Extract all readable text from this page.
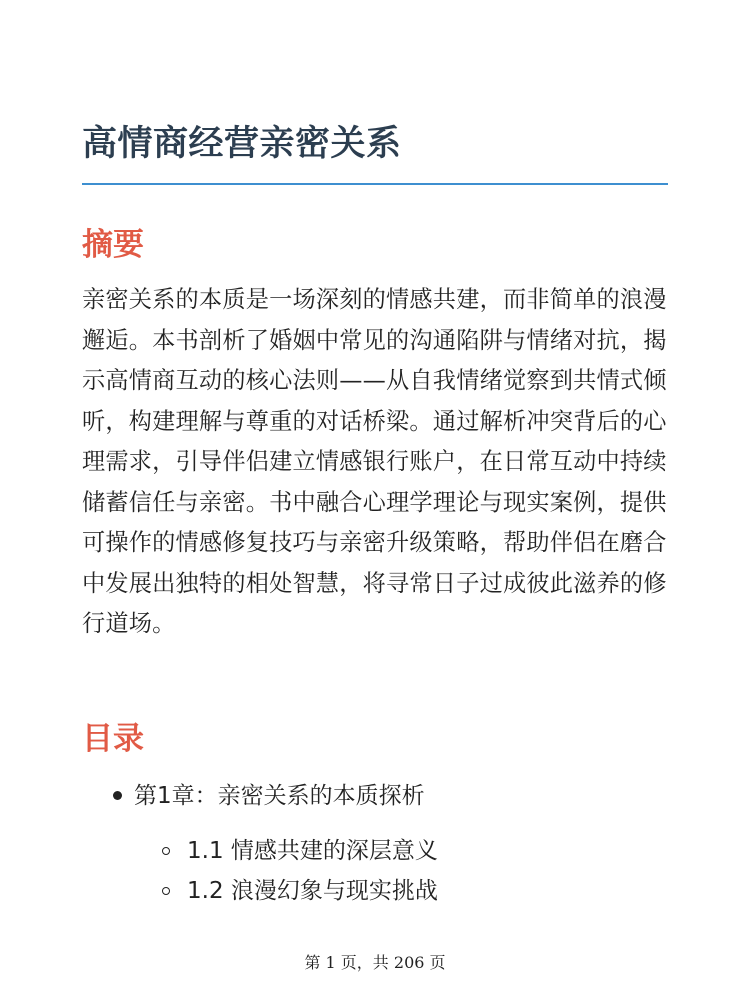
高情商经营亲密关系
摘要

亲密关系的本质是一场深刻的情感共建，而非简单的浪漫邂逅。本书剖析了婚姻中常见的沟通陷阱与情绪对抗，揭示高情商互动的核心法则——从自我情绪觉察到共情式倾听，构建理解与尊重的对话桥梁。通过解析冲突背后的心理需求，引导伴侣建立情感银行账户，在日常互动中持续储蓄信任与亲密。书中融合心理学理论与现实案例，提供可操作的情感修复技巧与亲密升级策略，帮助伴侣在磨合中发展出独特的相处智慧，将寻常日子过成彼此滋养的修行道场。

目录
第1章：亲密关系的本质探析
1.1 情感共建的深层意义
1.2 浪漫幻象与现实挑战
第 1 页，共 206 页
